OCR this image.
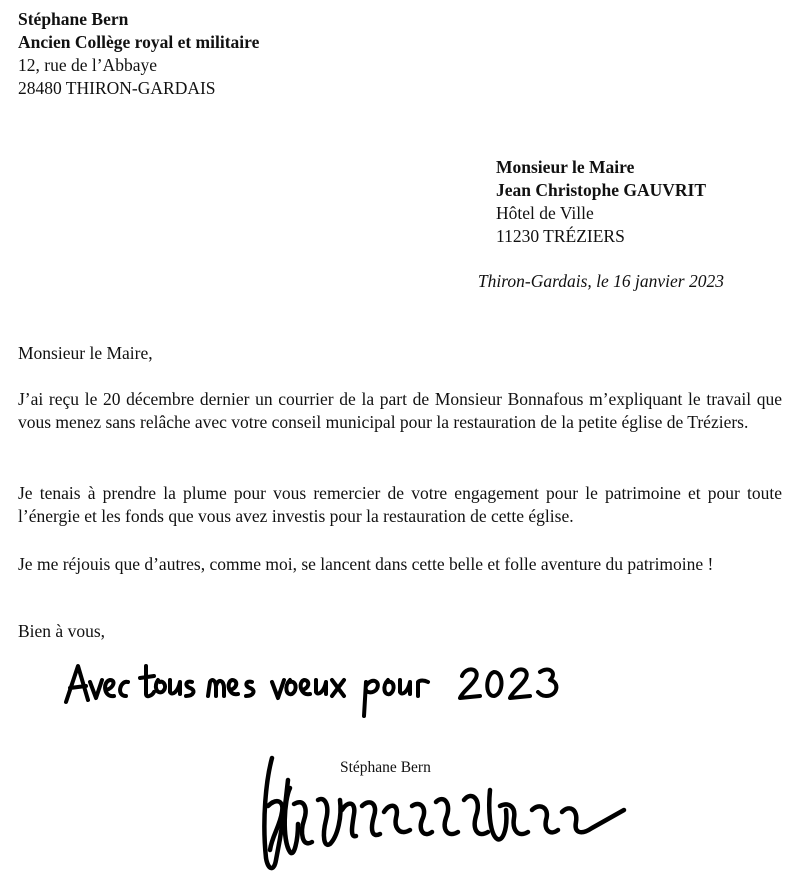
Stéphane Bern
Ancien Collège royal et militaire
12, rue de l’Abbaye
28480 THIRON-GARDAIS
Monsieur le Maire
Jean Christophe GAUVRIT
Hôtel de Ville
11230 TRÉZIERS
Thiron-Gardais, le 16 janvier 2023
Monsieur le Maire,

J’ai reçu le 20 décembre dernier un courrier de la part de Monsieur Bonnafous m’expliquant le travail que vous menez sans relâche avec votre conseil municipal pour la restauration de la petite église de Tréziers.

Je tenais à prendre la plume pour vous remercier de votre engagement pour le patrimoine et pour toute l’énergie et les fonds que vous avez investis pour la restauration de cette église.

Je me réjouis que d’autres, comme moi, se lancent dans cette belle et folle aventure du patrimoine !

Bien à vous,
Stéphane Bern
